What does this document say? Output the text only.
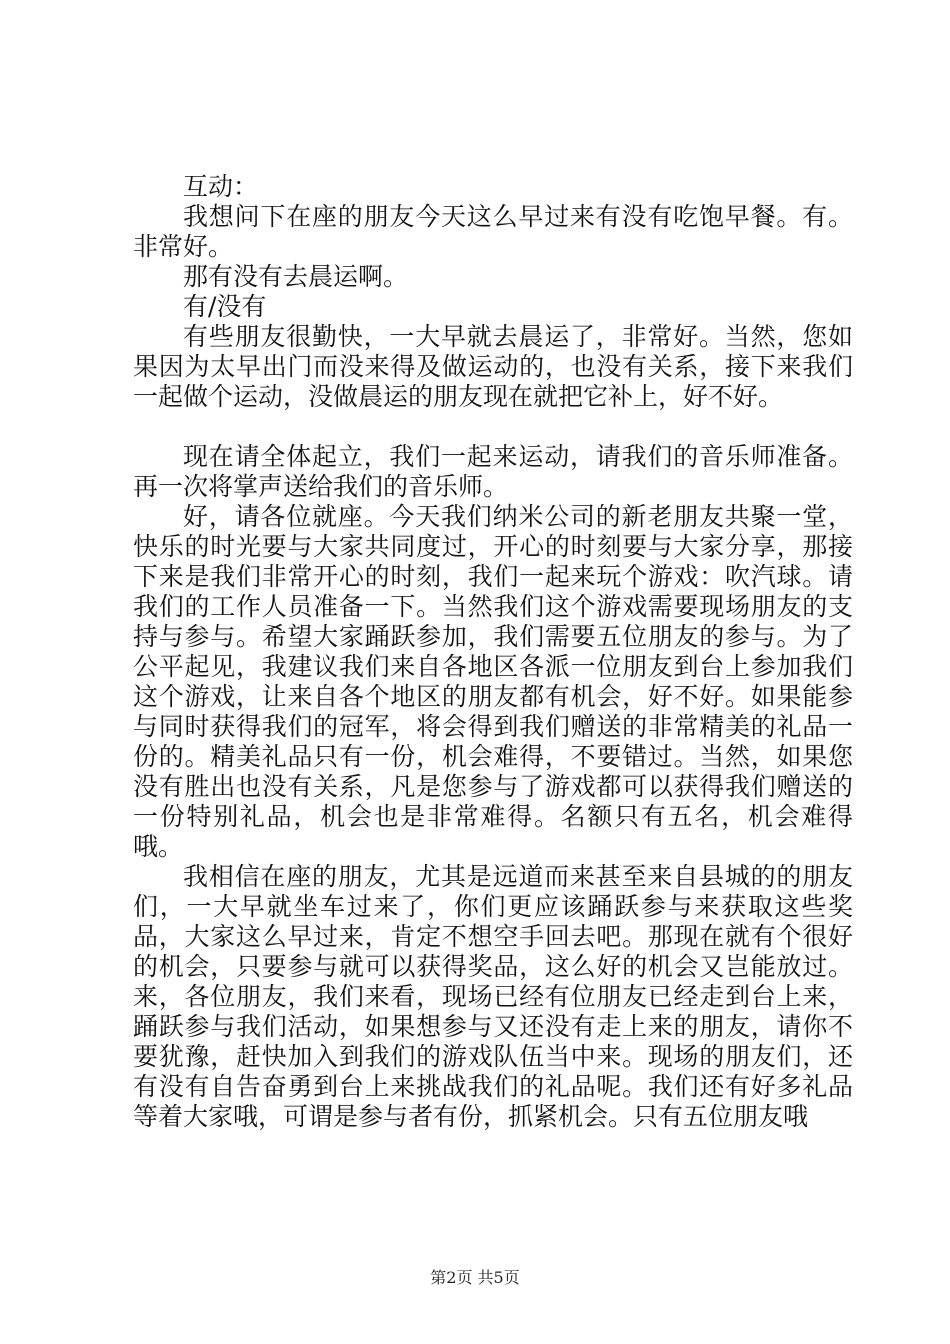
互动：

我想问下在座的朋友今天这么早过来有没有吃饱早餐。有。非常好。

那有没有去晨运啊。

有/没有

有些朋友很勤快，一大早就去晨运了，非常好。当然，您如果因为太早出门而没来得及做运动的，也没有关系，接下来我们一起做个运动，没做晨运的朋友现在就把它补上，好不好。

现在请全体起立，我们一起来运动，请我们的音乐师准备。再一次将掌声送给我们的音乐师。

好，请各位就座。今天我们纳米公司的新老朋友共聚一堂，快乐的时光要与大家共同度过，开心的时刻要与大家分享，那接下来是我们非常开心的时刻，我们一起来玩个游戏：吹汽球。请我们的工作人员准备一下。当然我们这个游戏需要现场朋友的支持与参与。希望大家踊跃参加，我们需要五位朋友的参与。为了公平起见，我建议我们来自各地区各派一位朋友到台上参加我们这个游戏，让来自各个地区的朋友都有机会，好不好。如果能参与同时获得我们的冠军，将会得到我们赠送的非常精美的礼品一份的。精美礼品只有一份，机会难得，不要错过。当然，如果您没有胜出也没有关系，凡是您参与了游戏都可以获得我们赠送的一份特别礼品，机会也是非常难得。名额只有五名，机会难得哦。

我相信在座的朋友，尤其是远道而来甚至来自县城的的朋友们，一大早就坐车过来了，你们更应该踊跃参与来获取这些奖品，大家这么早过来，肯定不想空手回去吧。那现在就有个很好的机会，只要参与就可以获得奖品，这么好的机会又岂能放过。来，各位朋友，我们来看，现场已经有位朋友已经走到台上来，踊跃参与我们活动，如果想参与又还没有走上来的朋友，请你不要犹豫，赶快加入到我们的游戏队伍当中来。现场的朋友们，还有没有自告奋勇到台上来挑战我们的礼品呢。我们还有好多礼品等着大家哦，可谓是参与者有份，抓紧机会。只有五位朋友哦

第2页 共5页
